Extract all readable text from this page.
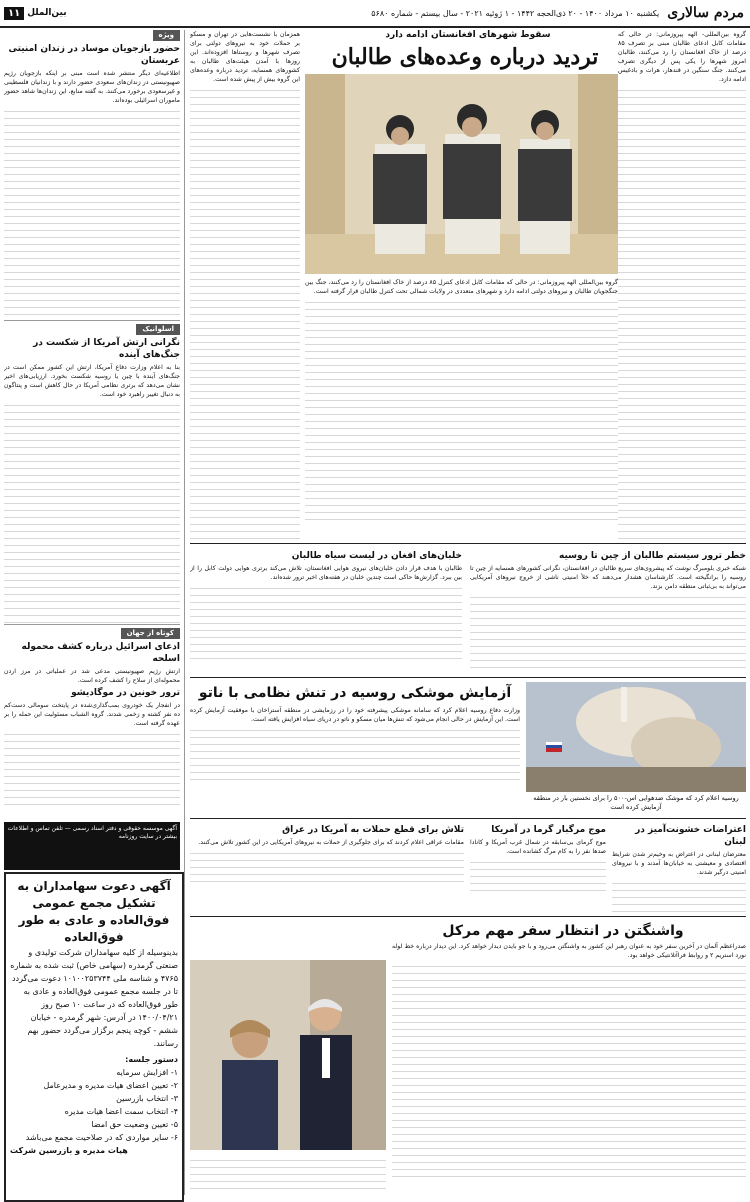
مردم سالاری
یکشنبه ۱۰ مرداد ۱۴۰۰ - ۲۰ ذی‌الحجه ۱۴۴۲ - ۱ ژوئیه ۲۰۲۱ - سال بیستم - شماره ۵۶۸۰
بین‌الملل
۱۱
ویژه
حضور بازجویان موساد در زندان امنیتی عربستان
اطلاعیه‌ای دیگر منتشر شده است مبنی بر اینکه بازجویان رژیم صهیونیستی در زندان‌های سعودی حضور دارند و با زندانیان فلسطینی و غیرسعودی برخورد می‌کنند. به گفته منابع، این زندان‌ها شاهد حضور ماموران اسرائیلی بوده‌اند.
اسلوانیک
نگرانی ارتش آمریکا از شکست در جنگ‌های آینده
بنا به اعلام وزارت دفاع آمریکا، ارتش این کشور ممکن است در جنگ‌های آینده با چین یا روسیه شکست بخورد. ارزیابی‌های اخیر نشان می‌دهد که برتری نظامی آمریکا در حال کاهش است و پنتاگون به دنبال تغییر راهبرد خود است.
کوتاه از جهان
ادعای اسرائیل درباره کشف محموله اسلحه
ارتش رژیم صهیونیستی مدعی شد در عملیاتی در مرز اردن محموله‌ای از سلاح را کشف کرده است.
ترور خونین در موگادیشو
در انفجار یک خودروی بمب‌گذاری‌شده در پایتخت سومالی دست‌کم ده نفر کشته و زخمی شدند. گروه الشباب مسئولیت این حمله را بر عهده گرفته است.
آگهی موسسه حقوقی و دفتر اسناد رسمی — تلفن تماس و اطلاعات بیشتر در سایت روزنامه
آگهی دعوت سهامداران به تشکیل مجمع عمومی فوق‌العاده و عادی به طور فوق‌العاده
بدینوسیله از کلیه سهامداران شرکت تولیدی و صنعتی گرمدره (سهامی خاص) ثبت شده به شماره ۴۷۶۵ و شناسه ملی ۱۰۱۰۰۲۵۳۷۴۴ دعوت می‌گردد تا در جلسه مجمع عمومی فوق‌العاده و عادی به طور فوق‌العاده که در ساعت ۱۰ صبح روز ۱۴۰۰/۰۴/۲۱ در آدرس: شهر گرمدره - خیابان ششم - کوچه پنجم برگزار می‌گردد حضور بهم رسانند.
دستور جلسه:
۱- افزایش سرمایه
۲- تعیین اعضای هیات مدیره و مدیرعامل
۳- انتخاب بازرسین
۴- انتخاب سمت اعضا هیات مدیره
۵- تعیین وضعیت حق امضا
۶- سایر مواردی که در صلاحیت مجمع می‌باشد
هیات مدیره و بازرسین شرکت
سقوط شهرهای افغانستان ادامه دارد
تردید درباره وعده‌های طالبان
گروه بین‌المللی- الهه پیروزمانی: در حالی که مقامات کابل ادعای طالبان مبنی بر تصرف ۸۵ درصد از خاک افغانستان را رد می‌کنند، طالبان امروز شهرها را یکی پس از دیگری تصرف می‌کنند. جنگ سنگین در قندهار، هرات و بادغیس ادامه دارد.
همزمان با نشست‌هایی در تهران و مسکو بر حملات خود به نیروهای دولتی برای تصرف شهرها و روستاها افزوده‌اند. این روزها با آمدن هیئت‌های طالبان به کشورهای همسایه، تردید درباره وعده‌های این گروه بیش از پیش شده است.
گروه بین‌المللی الهه پیروزمانی: در حالی که مقامات کابل ادعای کنترل ۸۵ درصد از خاک افغانستان را رد می‌کنند، جنگ بین جنگجویان طالبان و نیروهای دولتی ادامه دارد و شهرهای متعددی در ولایات شمالی تحت کنترل طالبان قرار گرفته است.
خطر ترور سیستم طالبان از چین تا روسیه
شبکه خبری بلومبرگ نوشت که پیشروی‌های سریع طالبان در افغانستان، نگرانی کشورهای همسایه از چین تا روسیه را برانگیخته است. کارشناسان هشدار می‌دهند که خلأ امنیتی ناشی از خروج نیروهای آمریکایی می‌تواند به بی‌ثباتی منطقه دامن بزند.
خلبان‌های افغان در لیست سیاه طالبان
طالبان با هدف قرار دادن خلبان‌های نیروی هوایی افغانستان، تلاش می‌کند برتری هوایی دولت کابل را از بین ببرد. گزارش‌ها حاکی است چندین خلبان در هفته‌های اخیر ترور شده‌اند.
آزمایش موشکی روسیه در تنش نظامی با ناتو
وزارت دفاع روسیه اعلام کرد که سامانه موشکی پیشرفته خود را در رزمایشی در منطقه آستراخان با موفقیت آزمایش کرده است. این آزمایش در حالی انجام می‌شود که تنش‌ها میان مسکو و ناتو در دریای سیاه افزایش یافته است.
روسیه اعلام کرد که موشک ضدهوایی اس-۵۰۰ را برای نخستین بار در منطقه آزمایش کرده است
اعتراضات خشونت‌آمیز در لبنان
معترضان لبنانی در اعتراض به وخیم‌تر شدن شرایط اقتصادی و معیشتی به خیابان‌ها آمدند و با نیروهای امنیتی درگیر شدند.
موج مرگبار گرما در آمریکا
موج گرمای بی‌سابقه در شمال غرب آمریکا و کانادا صدها نفر را به کام مرگ کشانده است.
تلاش برای قطع حملات به آمریکا در عراق
مقامات عراقی اعلام کردند که برای جلوگیری از حملات به نیروهای آمریکایی در این کشور تلاش می‌کنند.
واشنگتن در انتظار سفر مهم مرکل
صدراعظم آلمان در آخرین سفر خود به عنوان رهبر این کشور به واشنگتن می‌رود و با جو بایدن دیدار خواهد کرد. این دیدار درباره خط لوله نورد استریم ۲ و روابط فرا‌آتلانتیکی خواهد بود.
